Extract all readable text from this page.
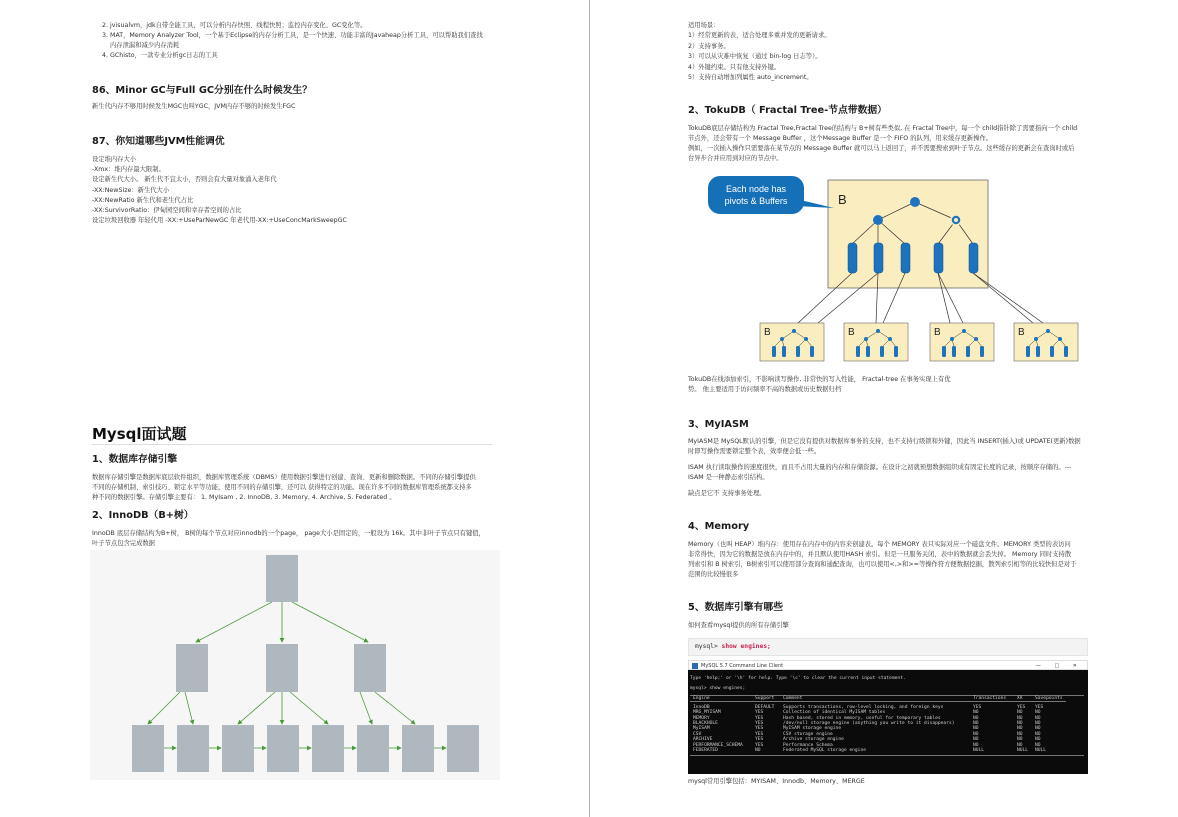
2. jvisualvm，jdk自带全能工具，可以分析内存快照、线程快照；监控内存变化、GC变化等。
3. MAT，Memory Analyzer Tool，一个基于Eclipse的内存分析工具，是一个快速、功能丰富的Javaheap分析工具，可以帮助我们查找
内存泄漏和减少内存消耗
4. GChisto，一款专业分析gc日志的工具
86、Minor GC与Full GC分别在什么时候发生？
新生代内存不够用时候发生MGC也叫YGC，JVM内存不够的时候发生FGC
87、你知道哪些JVM性能调优
设定堆内存大小
-Xmx：堆内存最大限制。
设定新生代大小。 新生代不宜太小，否则会有大量对象涌入老年代
-XX:NewSize：新生代大小
-XX:NewRatio 新生代和老生代占比
-XX:SurvivorRatio：伊甸园空间和幸存者空间的占比
设定垃圾回收器 年轻代用 -XX:+UseParNewGC 年老代用-XX:+UseConcMarkSweepGC
Mysql面试题
1、数据库存储引擎
数据库存储引擎是数据库底层软件组织，数据库管理系统（DBMS）使用数据引擎进行创建、查询、更新和删除数据。不同的存储引擎提供
不同的存储机制、索引技巧、锁定水平等功能，使用不同的存储引擎，还可以 获得特定的功能。现在许多不同的数据库管理系统都支持多
种不同的数据引擎。存储引擎主要有： 1. MyIsam , 2. InnoDB, 3. Memory, 4. Archive, 5. Federated 。
2、InnoDB（B+树）
InnoDB 底层存储结构为B+树， B树的每个节点对应innodb的一个page， page大小是固定的，一般设为 16k。其中非叶子节点只有键值，
叶子节点包含完成数据
适用场景：
1）经常更新的表，适合处理多重并发的更新请求。
2）支持事务。
3）可以从灾难中恢复（通过 bin-log 日志等）。
4）外键约束。只有他支持外键。
5）支持自动增加列属性 auto_increment。
2、TokuDB（ Fractal Tree-节点带数据）
TokuDB底层存储结构为 Fractal Tree,Fractal Tree的结构与 B+树有些类似, 在 Fractal Tree中，每一个 child指针除了需要指向一个 child
节点外，还会带有一个 Message Buffer ，这个Message Buffer 是一个 FIFO 的队列，用来缓存更新操作。
例如，一次插入操作只需要落在某节点的 Message Buffer 就可以马上返回了，并不需要搜索到叶子节点。这些缓存的更新会在查询时或后
台异步合并应用到对应的节点中。
B
Each node has
pivots & Buffers
B	B	B	B
TokuDB在线添加索引，不影响读写操作, 非常快的写入性能， Fractal-tree 在事务实现上有优
势。 他主要适用于访问频率不高的数据或历史数据归档
3、MyIASM
MyIASM是 MySQL默认的引擎，但是它没有提供对数据库事务的支持，也不支持行级锁和外键，因此当 INSERT(插入)或 UPDATE(更新)数据
时即写操作需要锁定整个表，效率便会低一些。
ISAM 执行读取操作的速度很快，而且不占用大量的内存和存储资源。在设计之初就预想数据组织成有固定长度的记录，按顺序存储的。---
ISAM 是一种静态索引结构。
缺点是它不 支持事务处理。
4、Memory
Memory（也叫 HEAP）堆内存：使用存在内存中的内容来创建表。每个 MEMORY 表只实际对应一个磁盘文件。MEMORY 类型的表访问
非常得快，因为它的数据是放在内存中的，并且默认使用HASH 索引。但是一旦服务关闭，表中的数据就会丢失掉。 Memory 同时支持散
列索引和 B 树索引，B树索引可以使用部分查询和通配查询，也可以使用<,>和>=等操作符方便数据挖掘，散列索引相等的比较快但是对于
范围的比较慢很多
5、数据库引擎有哪些
如何查看mysql提供的所有存储引擎
mysql> show engines;
MySQL 5.7 Command Line Client	— □ ✕
Type 'help;' or '\h' for help. Type '\c' to clear the current input statement.
mysql> show engines;
Engine	Support	Comment	Transactions	XA	Savepoints

InnoDB	DEFAULT	Supports transactions, row-level locking, and foreign keys	YES	YES	YES
MRG_MYISAM	YES	Collection of identical MyISAM tables	NO	NO	NO
MEMORY	YES	Hash based, stored in memory, useful for temporary tables	NO	NO	NO
BLACKHOLE	YES	/dev/null storage engine (anything you write to it disappears)	NO	NO	NO
MyISAM	YES	MyISAM storage engine	NO	NO	NO
CSV	YES	CSV storage engine	NO	NO	NO
ARCHIVE	YES	Archive storage engine	NO	NO	NO
PERFORMANCE_SCHEMA	YES	Performance Schema	NO	NO	NO
FEDERATED	NO	Federated MySQL storage engine	NULL	NULL	NULL
mysql常用引擎包括：MYISAM、Innodb、Memory、MERGE
